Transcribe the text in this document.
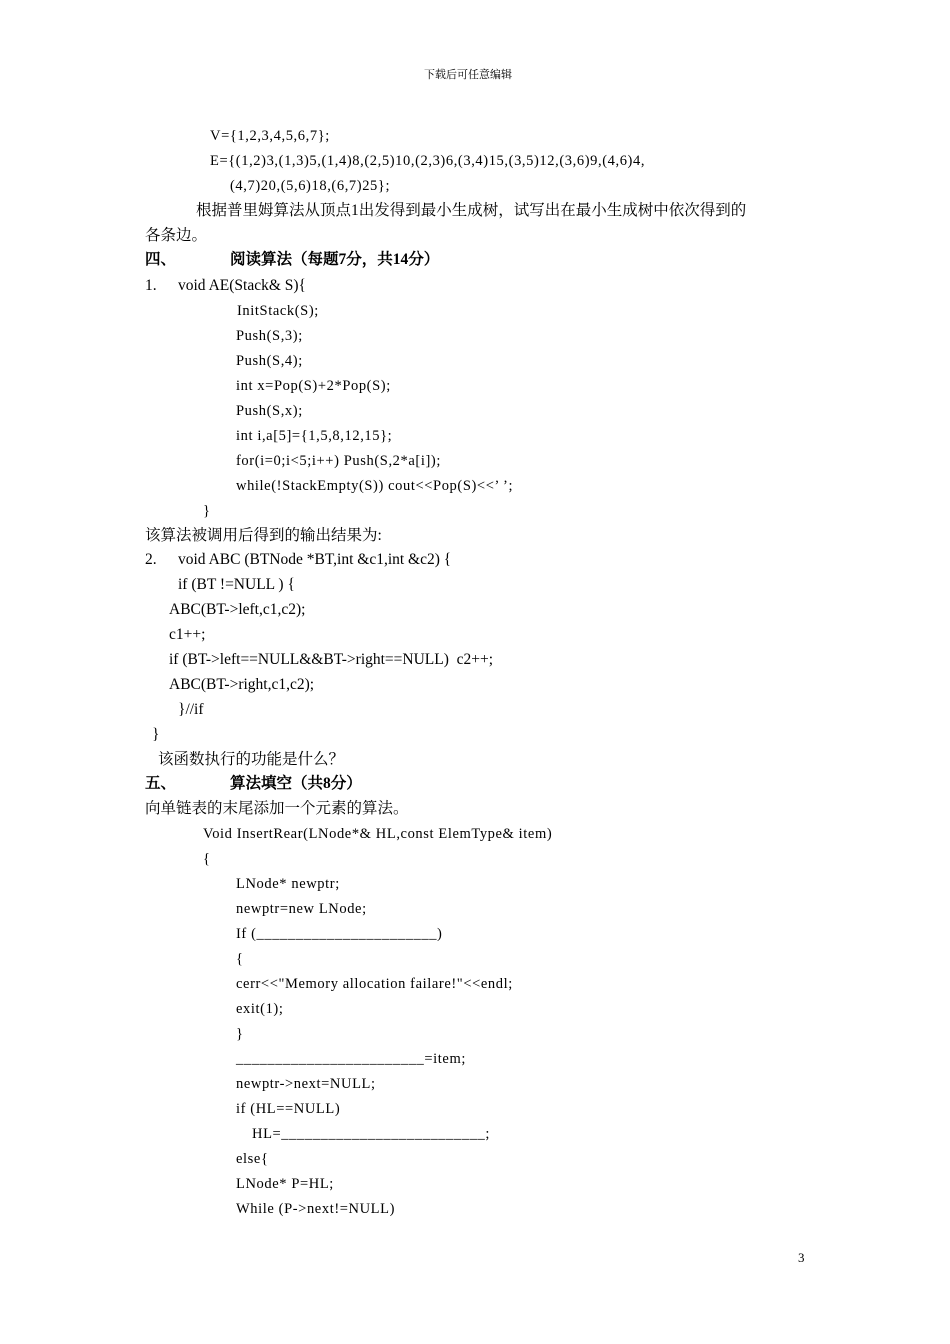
下载后可任意编辑
V={1,2,3,4,5,6,7};
E={(1,2)3,(1,3)5,(1,4)8,(2,5)10,(2,3)6,(3,4)15,(3,5)12,(3,6)9,(4,6)4,
(4,7)20,(5,6)18,(6,7)25};
根据普里姆算法从顶点1出发得到最小生成树，试写出在最小生成树中依次得到的
各条边。
四、	阅读算法（每题7分，共14分）
1. void AE(Stack& S){
InitStack(S);
Push(S,3);
Push(S,4);
int x=Pop(S)+2*Pop(S);
Push(S,x);
int i,a[5]={1,5,8,12,15};
for(i=0;i<5;i++) Push(S,2*a[i]);
while(!StackEmpty(S)) cout<<Pop(S)<<’ ’;
}
该算法被调用后得到的输出结果为:
2. void ABC (BTNode *BT,int &c1,int &c2) {
if (BT !=NULL ) {
ABC(BT->left,c1,c2);
c1++;
if (BT->left==NULL&&BT->right==NULL)  c2++;
ABC(BT->right,c1,c2);
}//if
}
该函数执行的功能是什么？
五、	算法填空（共8分）
向单链表的末尾添加一个元素的算法。
Void InsertRear(LNode*& HL,const ElemType& item)
{
LNode* newptr;
newptr=new LNode;
If (_______________________)
{
cerr<<"Memory allocation failare!"<<endl;
exit(1);
}
________________________=item;
newptr->next=NULL;
if (HL==NULL)
HL=__________________________;
else{
LNode* P=HL;
While (P->next!=NULL)
3
